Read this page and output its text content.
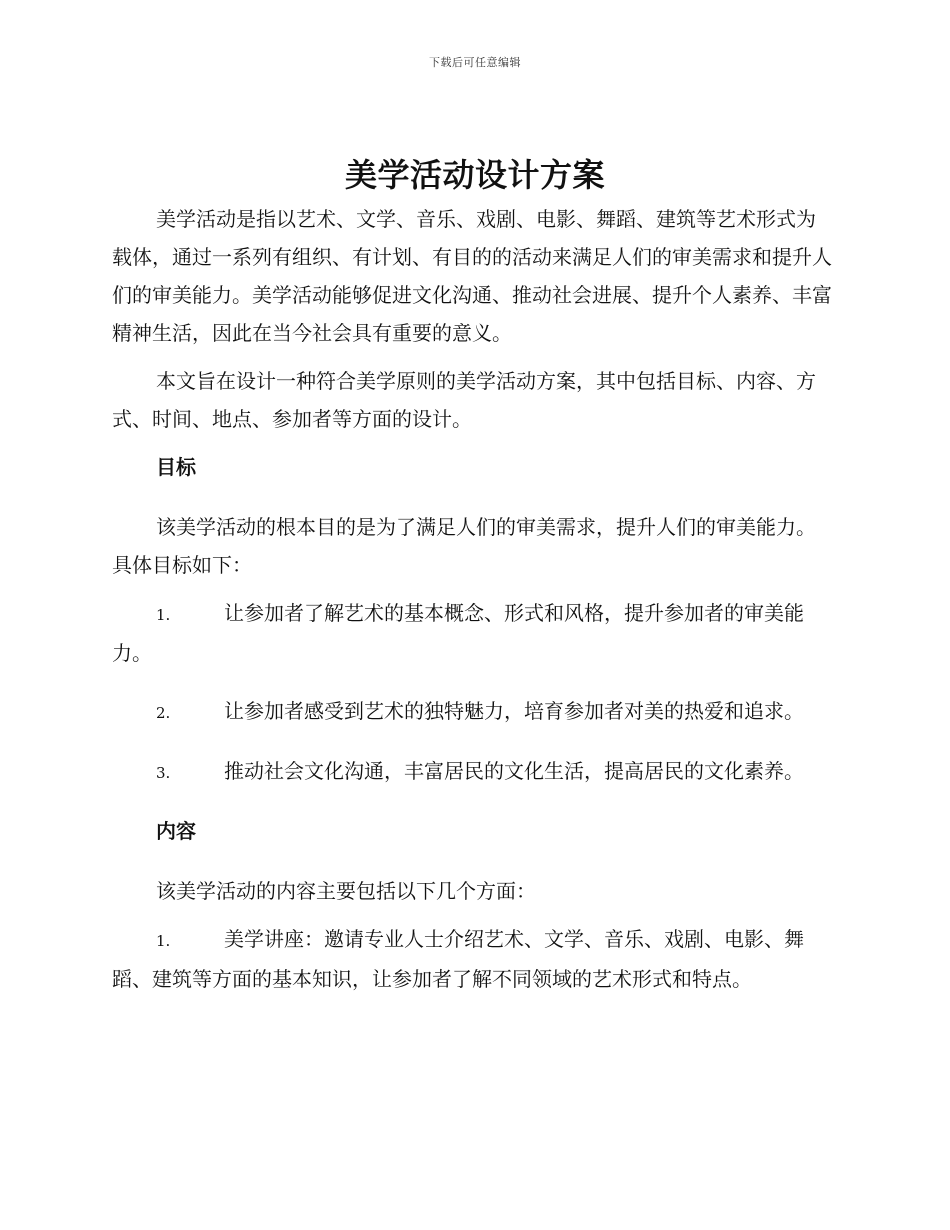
下载后可任意编辑
美学活动设计方案

美学活动是指以艺术、文学、音乐、戏剧、电影、舞蹈、建筑等艺术形式为载体，通过一系列有组织、有计划、有目的的活动来满足人们的审美需求和提升人们的审美能力。美学活动能够促进文化沟通、推动社会进展、提升个人素养、丰富精神生活，因此在当今社会具有重要的意义。

本文旨在设计一种符合美学原则的美学活动方案，其中包括目标、内容、方式、时间、地点、参加者等方面的设计。

目标

该美学活动的根本目的是为了满足人们的审美需求，提升人们的审美能力。具体目标如下：

1.	让参加者了解艺术的基本概念、形式和风格，提升参加者的审美能力。

2.	让参加者感受到艺术的独特魅力，培育参加者对美的热爱和追求。

3.	推动社会文化沟通，丰富居民的文化生活，提高居民的文化素养。

内容

该美学活动的内容主要包括以下几个方面：

1.	美学讲座：邀请专业人士介绍艺术、文学、音乐、戏剧、电影、舞蹈、建筑等方面的基本知识，让参加者了解不同领域的艺术形式和特点。
